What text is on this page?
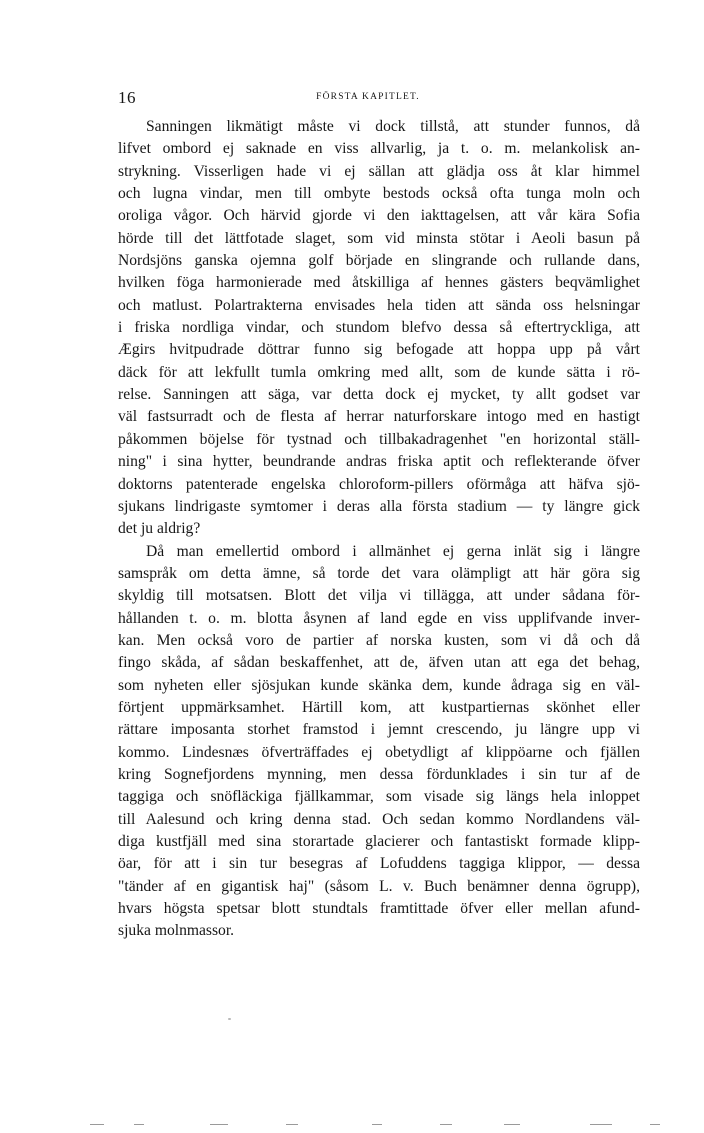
16	FÖRSTA KAPITLET.
Sanningen likmätigt måste vi dock tillstå, att stunder funnos, då
lifvet ombord ej saknade en viss allvarlig, ja t. o. m. melankolisk an-
strykning. Visserligen hade vi ej sällan att glädja oss åt klar himmel
och lugna vindar, men till ombyte bestods också ofta tunga moln och
oroliga vågor. Och härvid gjorde vi den iakttagelsen, att vår kära Sofia
hörde till det lättfotade slaget, som vid minsta stötar i Aeoli basun på
Nordsjöns ganska ojemna golf började en slingrande och rullande dans,
hvilken föga harmonierade med åtskilliga af hennes gästers beqvämlighet
och matlust. Polartrakterna envisades hela tiden att sända oss helsningar
i friska nordliga vindar, och stundom blefvo dessa så eftertryckliga, att
Ægirs hvitpudrade döttrar funno sig befogade att hoppa upp på vårt
däck för att lekfullt tumla omkring med allt, som de kunde sätta i rö-
relse. Sanningen att säga, var detta dock ej mycket, ty allt godset var
väl fastsurradt och de flesta af herrar naturforskare intogo med en hastigt
påkommen böjelse för tystnad och tillbakadragenhet "en horizontal ställ-
ning" i sina hytter, beundrande andras friska aptit och reflekterande öfver
doktorns patenterade engelska chloroform-pillers oförmåga att häfva sjö-
sjukans lindrigaste symtomer i deras alla första stadium — ty längre gick
det ju aldrig?
Då man emellertid ombord i allmänhet ej gerna inlät sig i längre
samspråk om detta ämne, så torde det vara olämpligt att här göra sig
skyldig till motsatsen. Blott det vilja vi tillägga, att under sådana för-
hållanden t. o. m. blotta åsynen af land egde en viss upplifvande inver-
kan. Men också voro de partier af norska kusten, som vi då och då
fingo skåda, af sådan beskaffenhet, att de, äfven utan att ega det behag,
som nyheten eller sjösjukan kunde skänka dem, kunde ådraga sig en väl-
förtjent uppmärksamhet. Härtill kom, att kustpartiernas skönhet eller
rättare imposanta storhet framstod i jemnt crescendo, ju längre upp vi
kommo. Lindesnæs öfverträffades ej obetydligt af klippöarne och fjällen
kring Sognefjordens mynning, men dessa fördunklades i sin tur af de
taggiga och snöfläckiga fjällkammar, som visade sig längs hela inloppet
till Aalesund och kring denna stad. Och sedan kommo Nordlandens väl-
diga kustfjäll med sina storartade glacierer och fantastiskt formade klipp-
öar, för att i sin tur besegras af Lofuddens taggiga klippor, — dessa
"tänder af en gigantisk haj" (såsom L. v. Buch benämner denna ögrupp),
hvars högsta spetsar blott stundtals framtittade öfver eller mellan afund-
sjuka molnmassor.
